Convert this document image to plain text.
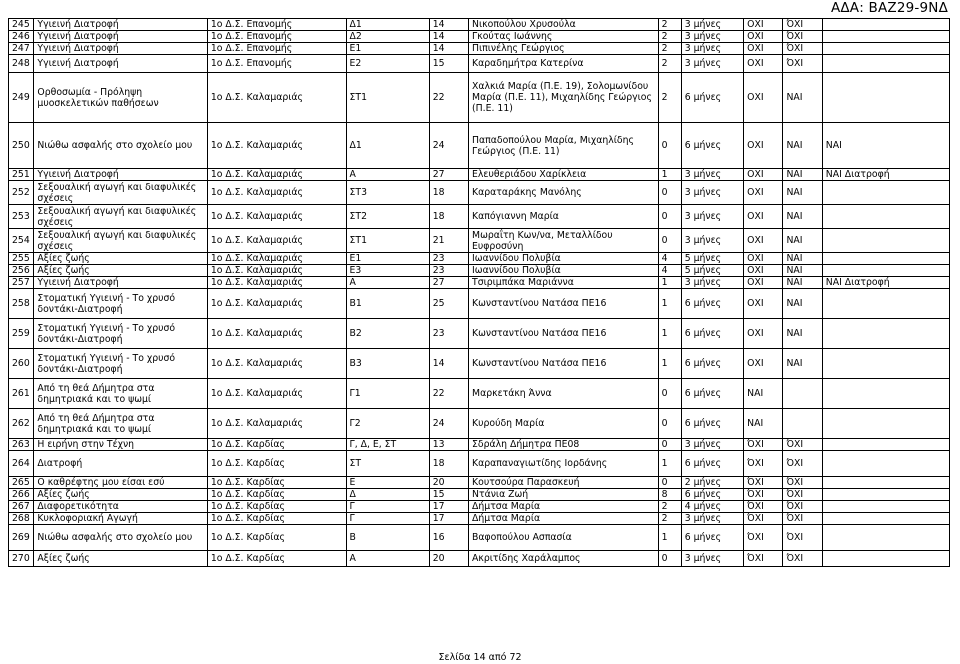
ΑΔΑ: ΒΑΖ29-9ΝΔ
245	Υγιεινή Διατροφή	1ο Δ.Σ. Επανομής	Δ1	14	Νικοπούλου Χρυσούλα	2	3 μήνες	ΟΧΙ	ΌΧΙ	
246	Υγιεινή Διατροφή	1ο Δ.Σ. Επανομής	Δ2	14	Γκούτας Ιωάννης	2	3 μήνες	ΟΧΙ	ΌΧΙ	
247	Υγιεινή Διατροφή	1ο Δ.Σ. Επανομής	Ε1	14	Πιπινέλης Γεώργιος	2	3 μήνες	ΟΧΙ	ΌΧΙ	
248	Υγιεινή Διατροφή	1ο Δ.Σ. Επανομής	Ε2	15	Καραδημήτρα Κατερίνα	2	3 μήνες	ΟΧΙ	ΌΧΙ	
249	Ορθοσωμία - Πρόληψη μυοσκελετικών παθήσεων	1ο Δ.Σ. Καλαμαριάς	ΣΤ1	22	Χαλκιά Μαρία (Π.Ε. 19), Σολομωνίδου Μαρία (Π.Ε. 11), Μιχαηλίδης Γεώργιος (Π.Ε. 11)	2	6 μήνες	ΟΧΙ	ΝΑΙ	
250	Νιώθω ασφαλής στο σχολείο μου	1ο Δ.Σ. Καλαμαριάς	Δ1	24	Παπαδοπούλου Μαρία, Μιχαηλίδης Γεώργιος (Π.Ε. 11)	0	6 μήνες	ΟΧΙ	ΝΑΙ	ΝΑΙ
251	Υγιεινή Διατροφή	1ο Δ.Σ. Καλαμαριάς	Α	27	Ελευθεριάδου Χαρίκλεια	1	3 μήνες	ΟΧΙ	ΝΑΙ	ΝΑΙ Διατροφή
252	Σεξουαλική αγωγή και διαφυλικές σχέσεις	1ο Δ.Σ. Καλαμαριάς	ΣΤ3	18	Καραταράκης Μανόλης	0	3 μήνες	ΟΧΙ	ΝΑΙ	
253	Σεξουαλική αγωγή και διαφυλικές σχέσεις	1ο Δ.Σ. Καλαμαριάς	ΣΤ2	18	Καπόγιαννη Μαρία	0	3 μήνες	ΟΧΙ	ΝΑΙ	
254	Σεξουαλική αγωγή και διαφυλικές σχέσεις	1ο Δ.Σ. Καλαμαριάς	ΣΤ1	21	Μωραΐτη Κων/να, Μεταλλίδου Ευφροσύνη	0	3 μήνες	ΟΧΙ	ΝΑΙ	
255	Αξίες ζωής	1ο Δ.Σ. Καλαμαριάς	Ε1	23	Ιωαννίδου Πολυβία	4	5 μήνες	ΟΧΙ	ΝΑΙ	
256	Αξίες ζωής	1ο Δ.Σ. Καλαμαριάς	Ε3	23	Ιωαννίδου Πολυβία	4	5 μήνες	ΟΧΙ	ΝΑΙ	
257	Υγιεινή Διατροφή	1ο Δ.Σ. Καλαμαριάς	Α	27	Τσιριμπάκα Μαριάννα	1	3 μήνες	ΟΧΙ	ΝΑΙ	ΝΑΙ Διατροφή
258	Στοματική Υγιεινή - Το χρυσό δοντάκι-Διατροφή	1ο Δ.Σ. Καλαμαριάς	Β1	25	Κωνσταντίνου Νατάσα ΠΕ16	1	6 μήνες	ΟΧΙ	ΝΑΙ	
259	Στοματική Υγιεινή - Το χρυσό δοντάκι-Διατροφή	1ο Δ.Σ. Καλαμαριάς	Β2	23	Κωνσταντίνου Νατάσα ΠΕ16	1	6 μήνες	ΟΧΙ	ΝΑΙ	
260	Στοματική Υγιεινή - Το χρυσό δοντάκι-Διατροφή	1ο Δ.Σ. Καλαμαριάς	Β3	14	Κωνσταντίνου Νατάσα ΠΕ16	1	6 μήνες	ΟΧΙ	ΝΑΙ	
261	Από τη θεά Δήμητρα στα δημητριακά και το ψωμί	1ο Δ.Σ. Καλαμαριάς	Γ1	22	Μαρκετάκη Άννα	0	6 μήνες	ΝΑΙ		
262	Από τη θεά Δήμητρα στα δημητριακά και το ψωμί	1ο Δ.Σ. Καλαμαριάς	Γ2	24	Κυρούδη Μαρία	0	6 μήνες	ΝΑΙ		
263	Η ειρήνη στην Τέχνη	1ο Δ.Σ. Καρδίας	Γ, Δ, Ε, ΣΤ	13	Σδράλη Δήμητρα ΠΕ08	0	3 μήνες	ΌΧΙ	ΌΧΙ	
264	Διατροφή	1ο Δ.Σ. Καρδίας	ΣΤ	18	Καραπαναγιωτίδης Ιορδάνης	1	6 μήνες	ΌΧΙ	ΌΧΙ	
265	Ο καθρέφτης μου είσαι εσύ	1ο Δ.Σ. Καρδίας	Ε	20	Κουτσούρα Παρασκευή	0	2 μήνες	ΌΧΙ	ΌΧΙ	
266	Αξίες ζωής	1ο Δ.Σ. Καρδίας	Δ	15	Ντάνια Ζωή	8	6 μήνες	ΌΧΙ	ΌΧΙ	
267	Διαφορετικότητα	1ο Δ.Σ. Καρδίας	Γ	17	Δήμτσα Μαρία	2	4 μήνες	ΌΧΙ	ΌΧΙ	
268	Κυκλοφοριακή Αγωγή	1ο Δ.Σ. Καρδίας	Γ	17	Δήμτσα Μαρία	2	3 μήνες	ΌΧΙ	ΌΧΙ	
269	Νιώθω ασφαλής στο σχολείο μου	1ο Δ.Σ. Καρδίας	Β	16	Βαφοπούλου Ασπασία	1	6 μήνες	ΌΧΙ	ΌΧΙ	
270	Αξίες ζωής	1ο Δ.Σ. Καρδίας	Α	20	Ακριτίδης Χαράλαμπος	0	3 μήνες	ΌΧΙ	ΌΧΙ	
Σελίδα 14 από 72
